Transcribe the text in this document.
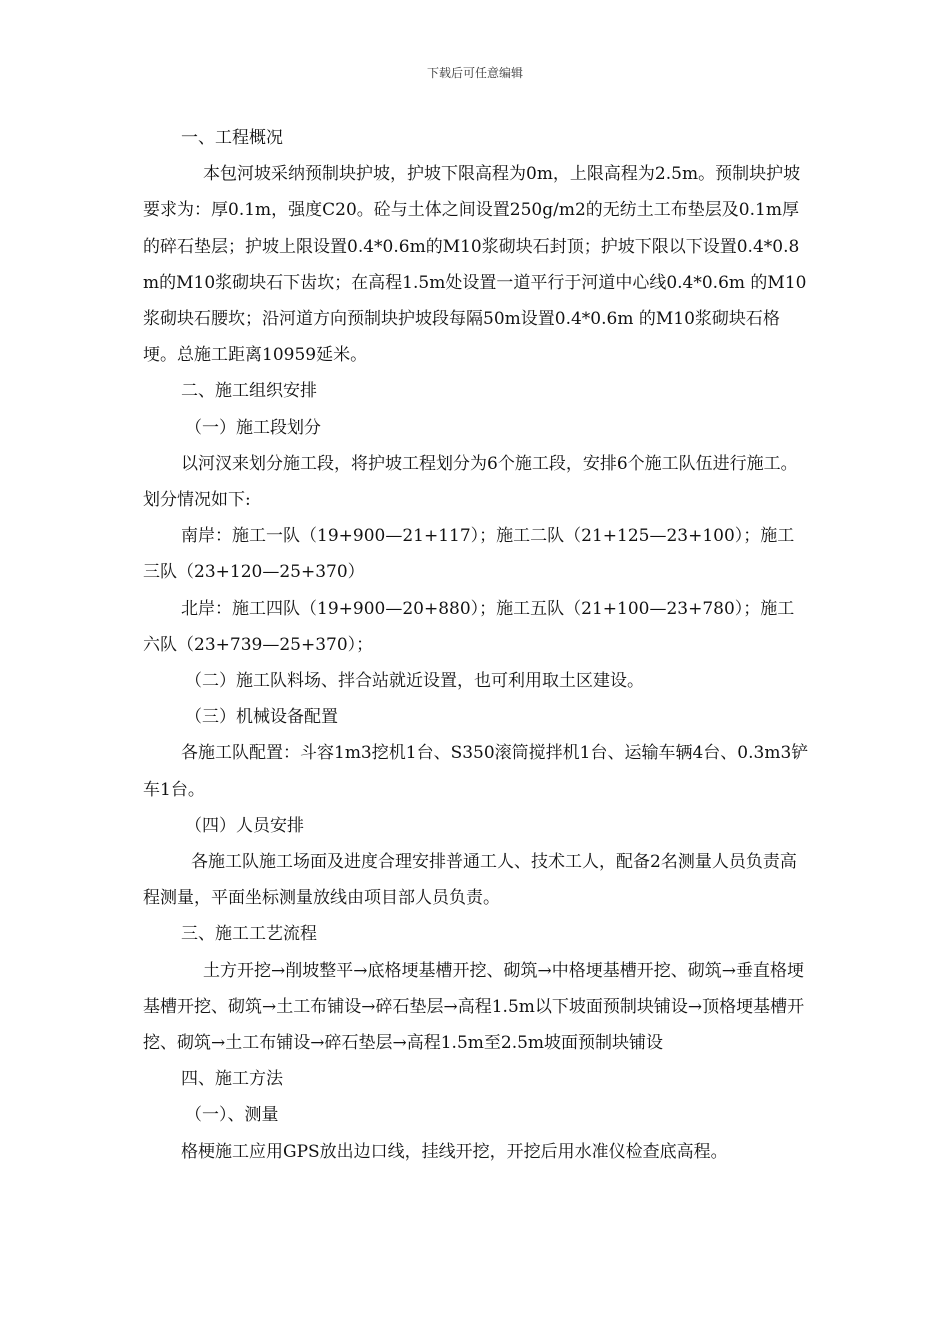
下载后可任意编辑

一、工程概况

本包河坡采纳预制块护坡，护坡下限高程为0m，上限高程为2.5m。预制块护坡要求为：厚0.1m，强度C20。砼与土体之间设置250g/m2的无纺土工布垫层及0.1m厚的碎石垫层；护坡上限设置0.4*0.6m的M10浆砌块石封顶；护坡下限以下设置0.4*0.8m的M10浆砌块石下齿坎；在高程1.5m处设置一道平行于河道中心线0.4*0.6m 的M10浆砌块石腰坎；沿河道方向预制块护坡段每隔50m设置0.4*0.6m 的M10浆砌块石格埂。总施工距离10959延米。

二、施工组织安排

（一）施工段划分

以河汊来划分施工段，将护坡工程划分为6个施工段，安排6个施工队伍进行施工。划分情况如下:

南岸：施工一队（19+900—21+117）；施工二队（21+125—23+100）；施工三队（23+120—25+370）

北岸：施工四队（19+900—20+880）；施工五队（21+100—23+780）；施工六队（23+739—25+370）；

（二）施工队料场、拌合站就近设置，也可利用取土区建设。

（三）机械设备配置

各施工队配置：斗容1m3挖机1台、S350滚筒搅拌机1台、运输车辆4台、0.3m3铲车1台。

（四）人员安排

各施工队施工场面及进度合理安排普通工人、技术工人，配备2名测量人员负责高程测量，平面坐标测量放线由项目部人员负责。

三、施工工艺流程

土方开挖→削坡整平→底格埂基槽开挖、砌筑→中格埂基槽开挖、砌筑→垂直格埂基槽开挖、砌筑→土工布铺设→碎石垫层→高程1.5m以下坡面预制块铺设→顶格埂基槽开挖、砌筑→土工布铺设→碎石垫层→高程1.5m至2.5m坡面预制块铺设

四、施工方法

（一）、测量

格梗施工应用GPS放出边口线，挂线开挖，开挖后用水准仪检查底高程。
